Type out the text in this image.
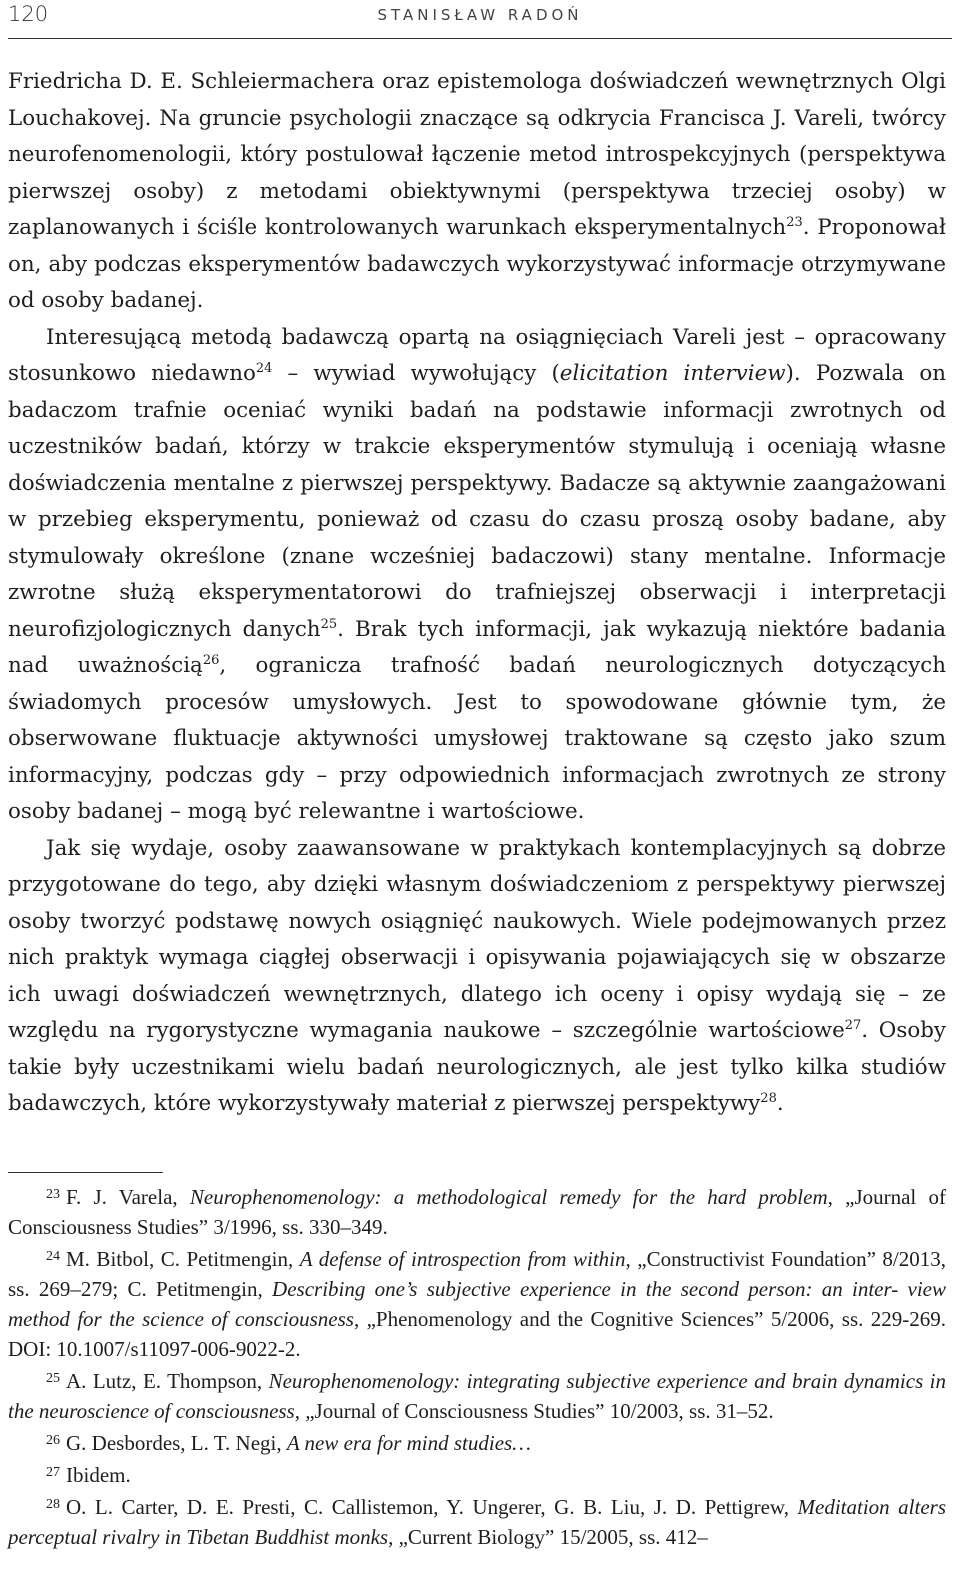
120	STANISŁAW RADOŃ

Friedricha D. E. Schleiermachera oraz epistemologa doświadczeń wewnętrznych Olgi Louchakovej. Na gruncie psychologii znaczące są odkrycia Francisca J. Vareli, twórcy neurofenomenologii, który postulował łączenie metod introspekcyjnych (perspektywa pierwszej osoby) z metodami obiektywnymi (perspektywa trzeciej osoby) w zaplanowanych i ściśle kontrolowanych warunkach eksperymentalnych$^{23}$. Proponował on, aby podczas eksperymentów badawczych wykorzystywać informacje otrzymywane od osoby badanej.

Interesującą metodą badawczą opartą na osiągnięciach Vareli jest – opracowany stosunkowo niedawno$^{24}$ – wywiad wywołujący (elicitation interview). Pozwala on badaczom trafnie oceniać wyniki badań na podstawie informacji zwrotnych od uczestników badań, którzy w trakcie eksperymentów stymulują i oceniają własne doświadczenia mentalne z pierwszej perspektywy. Badacze są aktywnie zaangażowani w przebieg eksperymentu, ponieważ od czasu do czasu proszą osoby badane, aby stymulowały określone (znane wcześniej badaczowi) stany mentalne. Informacje zwrotne służą eksperymentatorowi do trafniejszej obserwacji i interpretacji neurofizjologicznych danych$^{25}$. Brak tych informacji, jak wykazują niektóre badania nad uważnością$^{26}$, ogranicza trafność badań neurologicznych dotyczących świadomych procesów umysłowych. Jest to spowodowane głównie tym, że obserwowane fluktuacje aktywności umysłowej traktowane są często jako szum informacyjny, podczas gdy – przy odpowiednich informacjach zwrotnych ze strony osoby badanej – mogą być relewantne i wartościowe.

Jak się wydaje, osoby zaawansowane w praktykach kontemplacyjnych są dobrze przygotowane do tego, aby dzięki własnym doświadczeniom z perspektywy pierwszej osoby tworzyć podstawę nowych osiągnięć naukowych. Wiele podejmowanych przez nich praktyk wymaga ciągłej obserwacji i opisywania pojawiających się w obszarze ich uwagi doświadczeń wewnętrznych, dlatego ich oceny i opisy wydają się – ze względu na rygorystyczne wymagania naukowe – szczególnie wartościowe$^{27}$. Osoby takie były uczestnikami wielu badań neurologicznych, ale jest tylko kilka studiów badawczych, które wykorzystywały materiał z pierwszej perspektywy$^{28}$.

23 F. J. Varela, Neurophenomenology: a methodological remedy for the hard problem, „Journal of Consciousness Studies” 3/1996, ss. 330–349.

24 M. Bitbol, C. Petitmengin, A defense of introspection from within, „Constructivist Foundation” 8/2013, ss. 269–279; C. Petitmengin, Describing one’s subjective experience in the second person: an inter- view method for the science of consciousness, „Phenomenology and the Cognitive Sciences” 5/2006, ss. 229-269. DOI: 10.1007/s11097-006-9022-2.

25 A. Lutz, E. Thompson, Neurophenomenology: integrating subjective experience and brain dynamics in the neuroscience of consciousness, „Journal of Consciousness Studies” 10/2003, ss. 31–52.

26 G. Desbordes, L. T. Negi, A new era for mind studies…

27 Ibidem.

28 O. L. Carter, D. E. Presti, C. Callistemon, Y. Ungerer, G. B. Liu, J. D. Pettigrew, Meditation alters perceptual rivalry in Tibetan Buddhist monks, „Current Biology” 15/2005, ss. 412–
